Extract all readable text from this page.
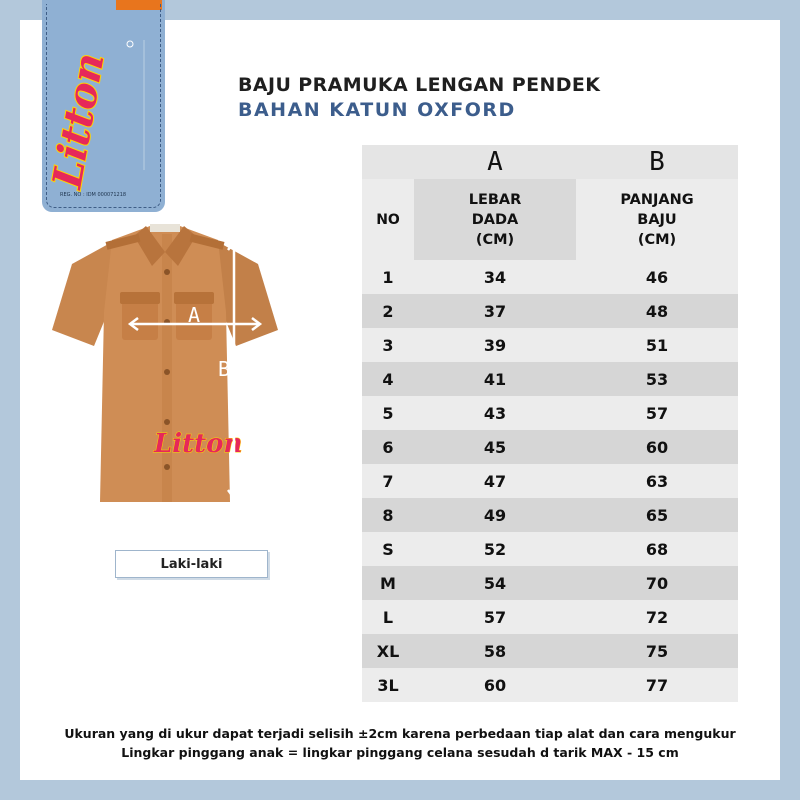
Litton
PLUS
REG. NO : IDM 000071218
Litton
A
B
Laki-laki
BAJU PRAMUKA LENGAN PENDEK
BAHAN KATUN OXFORD
A	B
NO
LEBAR
DADA
(CM)
PANJANG
BAJU
(CM)
1	34	46
2	37	48
3	39	51
4	41	53
5	43	57
6	45	60
7	47	63
8	49	65
S	52	68
M	54	70
L	57	72
XL	58	75
3L	60	77
Ukuran yang di ukur dapat terjadi selisih ±2cm karena perbedaan tiap alat dan cara mengukur
Lingkar pinggang anak = lingkar pinggang celana sesudah d tarik MAX - 15 cm
